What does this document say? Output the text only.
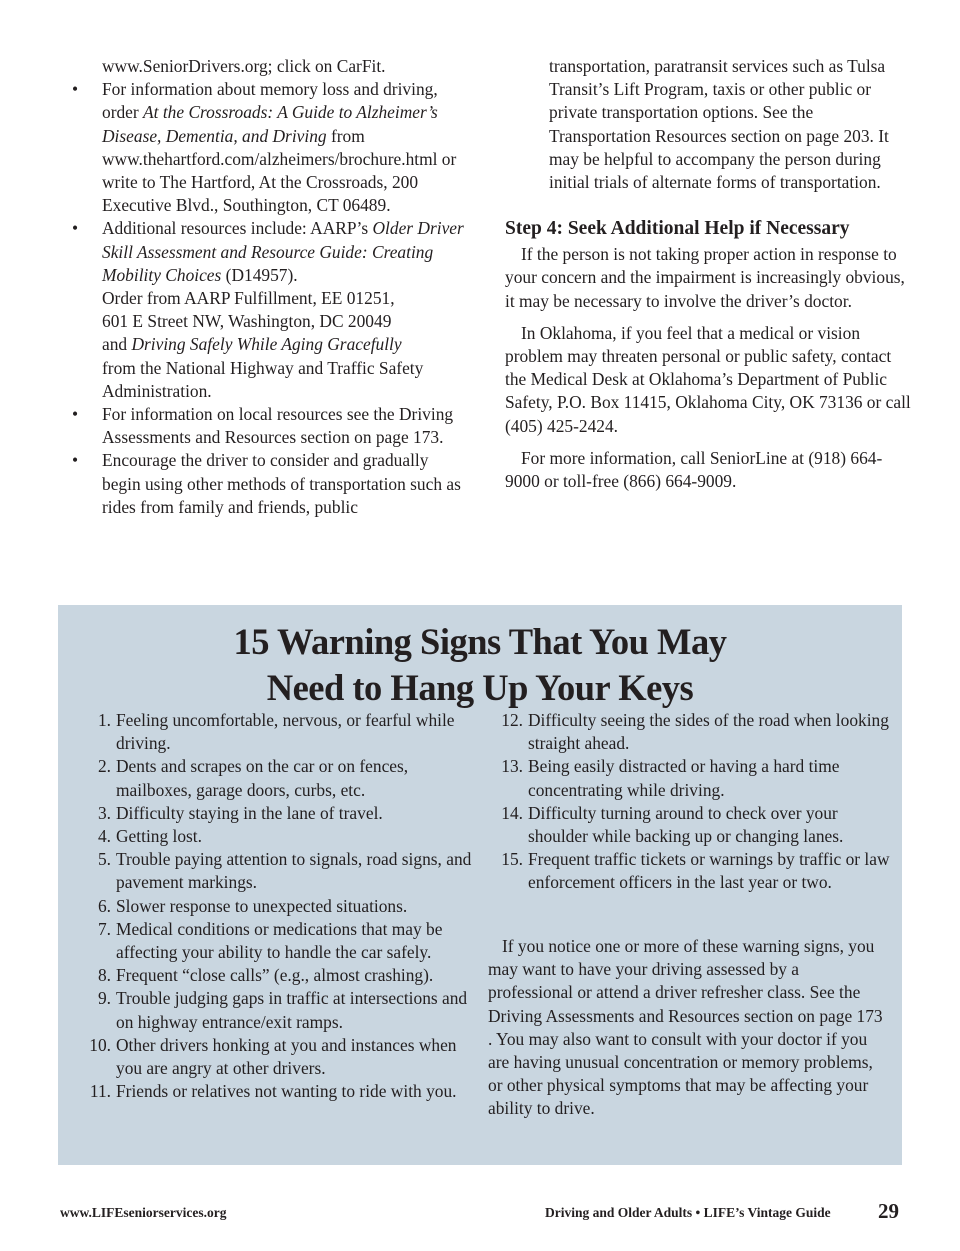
www.SeniorDrivers.org; click on CarFit.
• For information about memory loss and driving, order At the Crossroads: A Guide to Alzheimer’s Disease, Dementia, and Driving from www.thehartford.com/alzheimers/brochure.html or write to The Hartford, At the Crossroads, 200 Executive Blvd., Southington, CT 06489.
• Additional resources include: AARP’s Older Driver Skill Assessment and Resource Guide: Creating Mobility Choices (D14957).
Order from AARP Fulfillment, EE 01251,
601 E Street NW, Washington, DC 20049
and Driving Safely While Aging Gracefully
from the National Highway and Traffic Safety Administration.
• For information on local resources see the Driving Assessments and Resources section on page 173.
• Encourage the driver to consider and gradually begin using other methods of transportation such as rides from family and friends, public
transportation, paratransit services such as Tulsa Transit’s Lift Program, taxis or other public or private transportation options. See the Transportation Resources section on page 203. It may be helpful to accompany the person during initial trials of alternate forms of transportation.
Step 4: Seek Additional Help if Necessary

If the person is not taking proper action in response to your concern and the impairment is increasingly obvious, it may be necessary to involve the driver’s doctor.

In Oklahoma, if you feel that a medical or vision problem may threaten personal or public safety, contact the Medical Desk at Oklahoma’s Department of Public Safety, P.O. Box 11415, Oklahoma City, OK 73136 or call (405) 425-2424.

For more information, call SeniorLine at (918) 664-9000 or toll-free (866) 664-9009.

15 Warning Signs That You May
Need to Hang Up Your Keys
1. Feeling uncomfortable, nervous, or fearful while driving.
2. Dents and scrapes on the car or on fences, mailboxes, garage doors, curbs, etc.
3. Difficulty staying in the lane of travel.
4. Getting lost.
5. Trouble paying attention to signals, road signs, and pavement markings.
6. Slower response to unexpected situations.
7. Medical conditions or medications that may be affecting your ability to handle the car safely.
8. Frequent “close calls” (e.g., almost crashing).
9. Trouble judging gaps in traffic at intersections and on highway entrance/exit ramps.
10. Other drivers honking at you and instances when you are angry at other drivers.
11. Friends or relatives not wanting to ride with you.
12. Difficulty seeing the sides of the road when looking straight ahead.
13. Being easily distracted or having a hard time concentrating while driving.
14. Difficulty turning around to check over your shoulder while backing up or changing lanes.
15. Frequent traffic tickets or warnings by traffic or law enforcement officers in the last year or two.

If you notice one or more of these warning signs, you may want to have your driving assessed by a professional or attend a driver refresher class. See the Driving Assessments and Resources section on page 173 . You may also want to consult with your doctor if you are having unusual concentration or memory problems, or other physical symptoms that may be affecting your ability to drive.

www.LIFEseniorservices.org	Driving and Older Adults • LIFE’s Vintage Guide	29
